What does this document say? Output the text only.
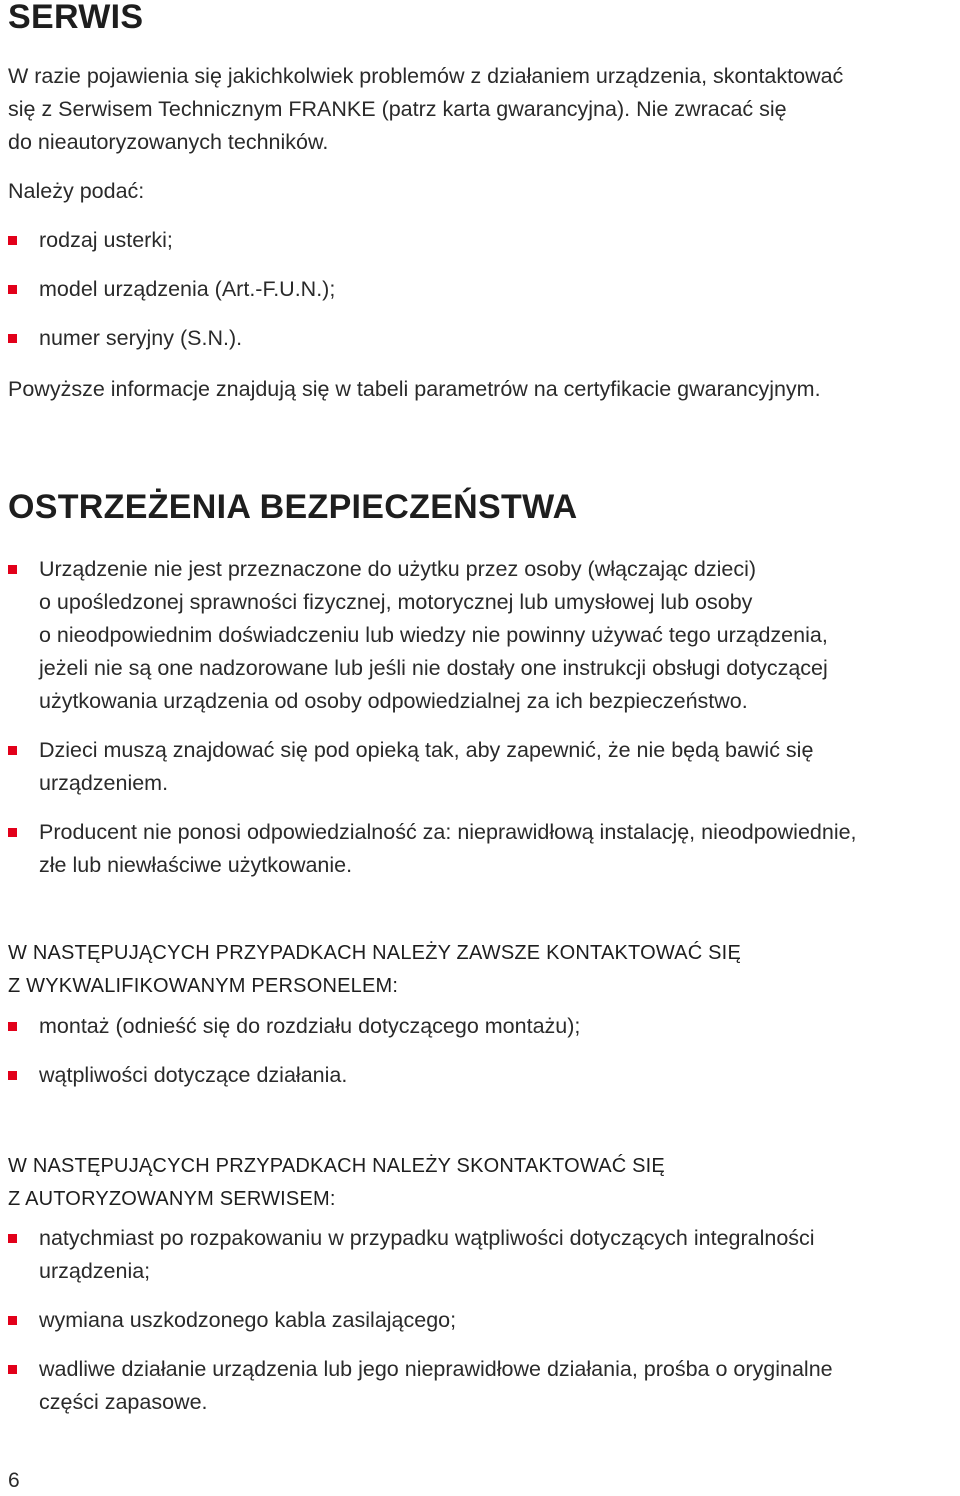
SERWIS

W razie pojawienia się jakichkolwiek problemów z działaniem urządzenia, skontaktować
się z Serwisem Technicznym FRANKE (patrz karta gwarancyjna). Nie zwracać się
do nieautoryzowanych techników.

Należy podać:

rodzaj usterki;
model urządzenia (Art.-F.U.N.);
numer seryjny (S.N.).

Powyższe informacje znajdują się w tabeli parametrów na certyfikacie gwarancyjnym.

OSTRZEŻENIA BEZPIECZEŃSTWA
Urządzenie nie jest przeznaczone do użytku przez osoby (włączając dzieci)
o upośledzonej sprawności fizycznej, motorycznej lub umysłowej lub osoby
o nieodpowiednim doświadczeniu lub wiedzy nie powinny używać tego urządzenia,
jeżeli nie są one nadzorowane lub jeśli nie dostały one instrukcji obsługi dotyczącej
użytkowania urządzenia od osoby odpowiedzialnej za ich bezpieczeństwo.
Dzieci muszą znajdować się pod opieką tak, aby zapewnić, że nie będą bawić się
urządzeniem.
Producent nie ponosi odpowiedzialność za: nieprawidłową instalację, nieodpowiednie,
złe lub niewłaściwe użytkowanie.
W NASTĘPUJĄCYCH PRZYPADKACH NALEŻY ZAWSZE KONTAKTOWAĆ SIĘ
Z WYKWALIFIKOWANYM PERSONELEM:
montaż (odnieść się do rozdziału dotyczącego montażu);
wątpliwości dotyczące działania.
W NASTĘPUJĄCYCH PRZYPADKACH NALEŻY SKONTAKTOWAĆ SIĘ
Z AUTORYZOWANYM SERWISEM:
natychmiast po rozpakowaniu w przypadku wątpliwości dotyczących integralności
urządzenia;
wymiana uszkodzonego kabla zasilającego;
wadliwe działanie urządzenia lub jego nieprawidłowe działania, prośba o oryginalne
części zapasowe.
6
